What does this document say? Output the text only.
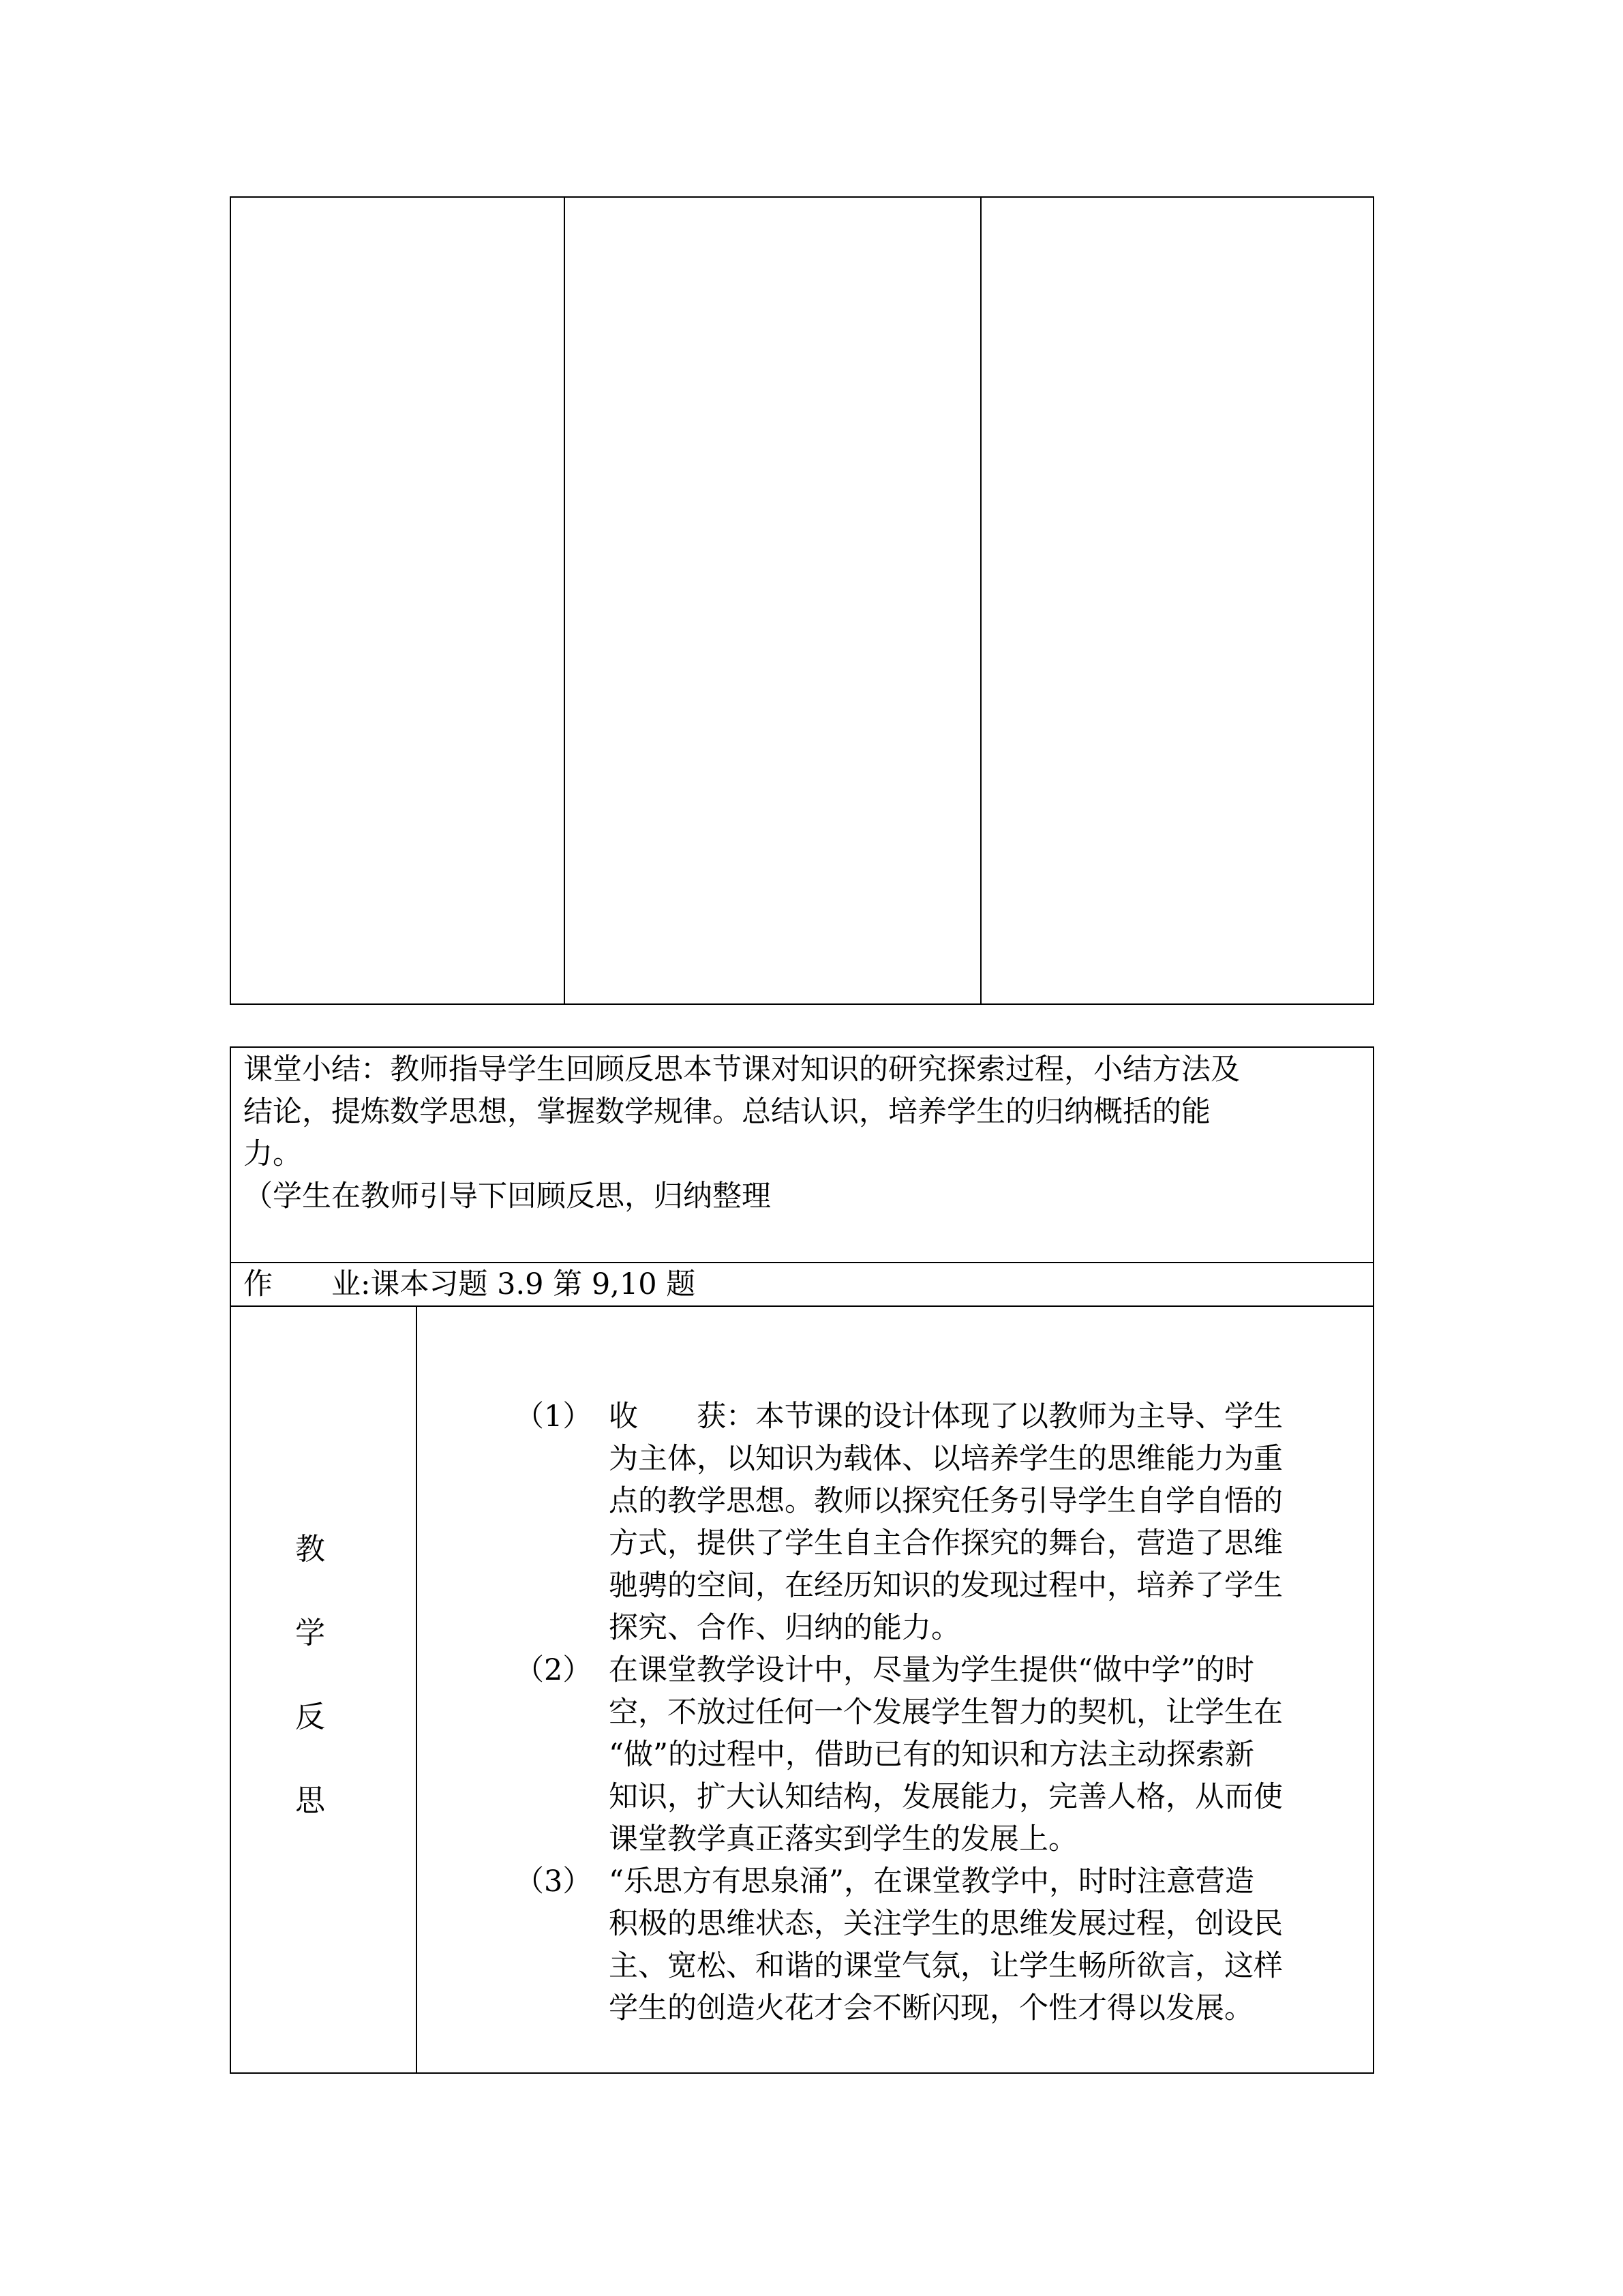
课堂小结：教师指导学生回顾反思本节课对知识的研究探索过程，小结方法及
结论，提炼数学思想，掌握数学规律。总结认识，培养学生的归纳概括的能
力。
（学生在教师引导下回顾反思，归纳整理
作　　业:课本习题 3.9 第 9,10 题
教
学
反
思
（1） 收　　获：本节课的设计体现了以教师为主导、学生
为主体，以知识为载体、以培养学生的思维能力为重
点的教学思想。教师以探究任务引导学生自学自悟的
方式，提供了学生自主合作探究的舞台，营造了思维
驰骋的空间，在经历知识的发现过程中，培养了学生
探究、合作、归纳的能力。
（2） 在课堂教学设计中，尽量为学生提供“做中学”的时
空，不放过任何一个发展学生智力的契机，让学生在
“做”的过程中，借助已有的知识和方法主动探索新
知识，扩大认知结构，发展能力，完善人格，从而使
课堂教学真正落实到学生的发展上。
（3） “乐思方有思泉涌”，在课堂教学中，时时注意营造
积极的思维状态，关注学生的思维发展过程，创设民
主、宽松、和谐的课堂气氛，让学生畅所欲言，这样
学生的创造火花才会不断闪现，个性才得以发展。
